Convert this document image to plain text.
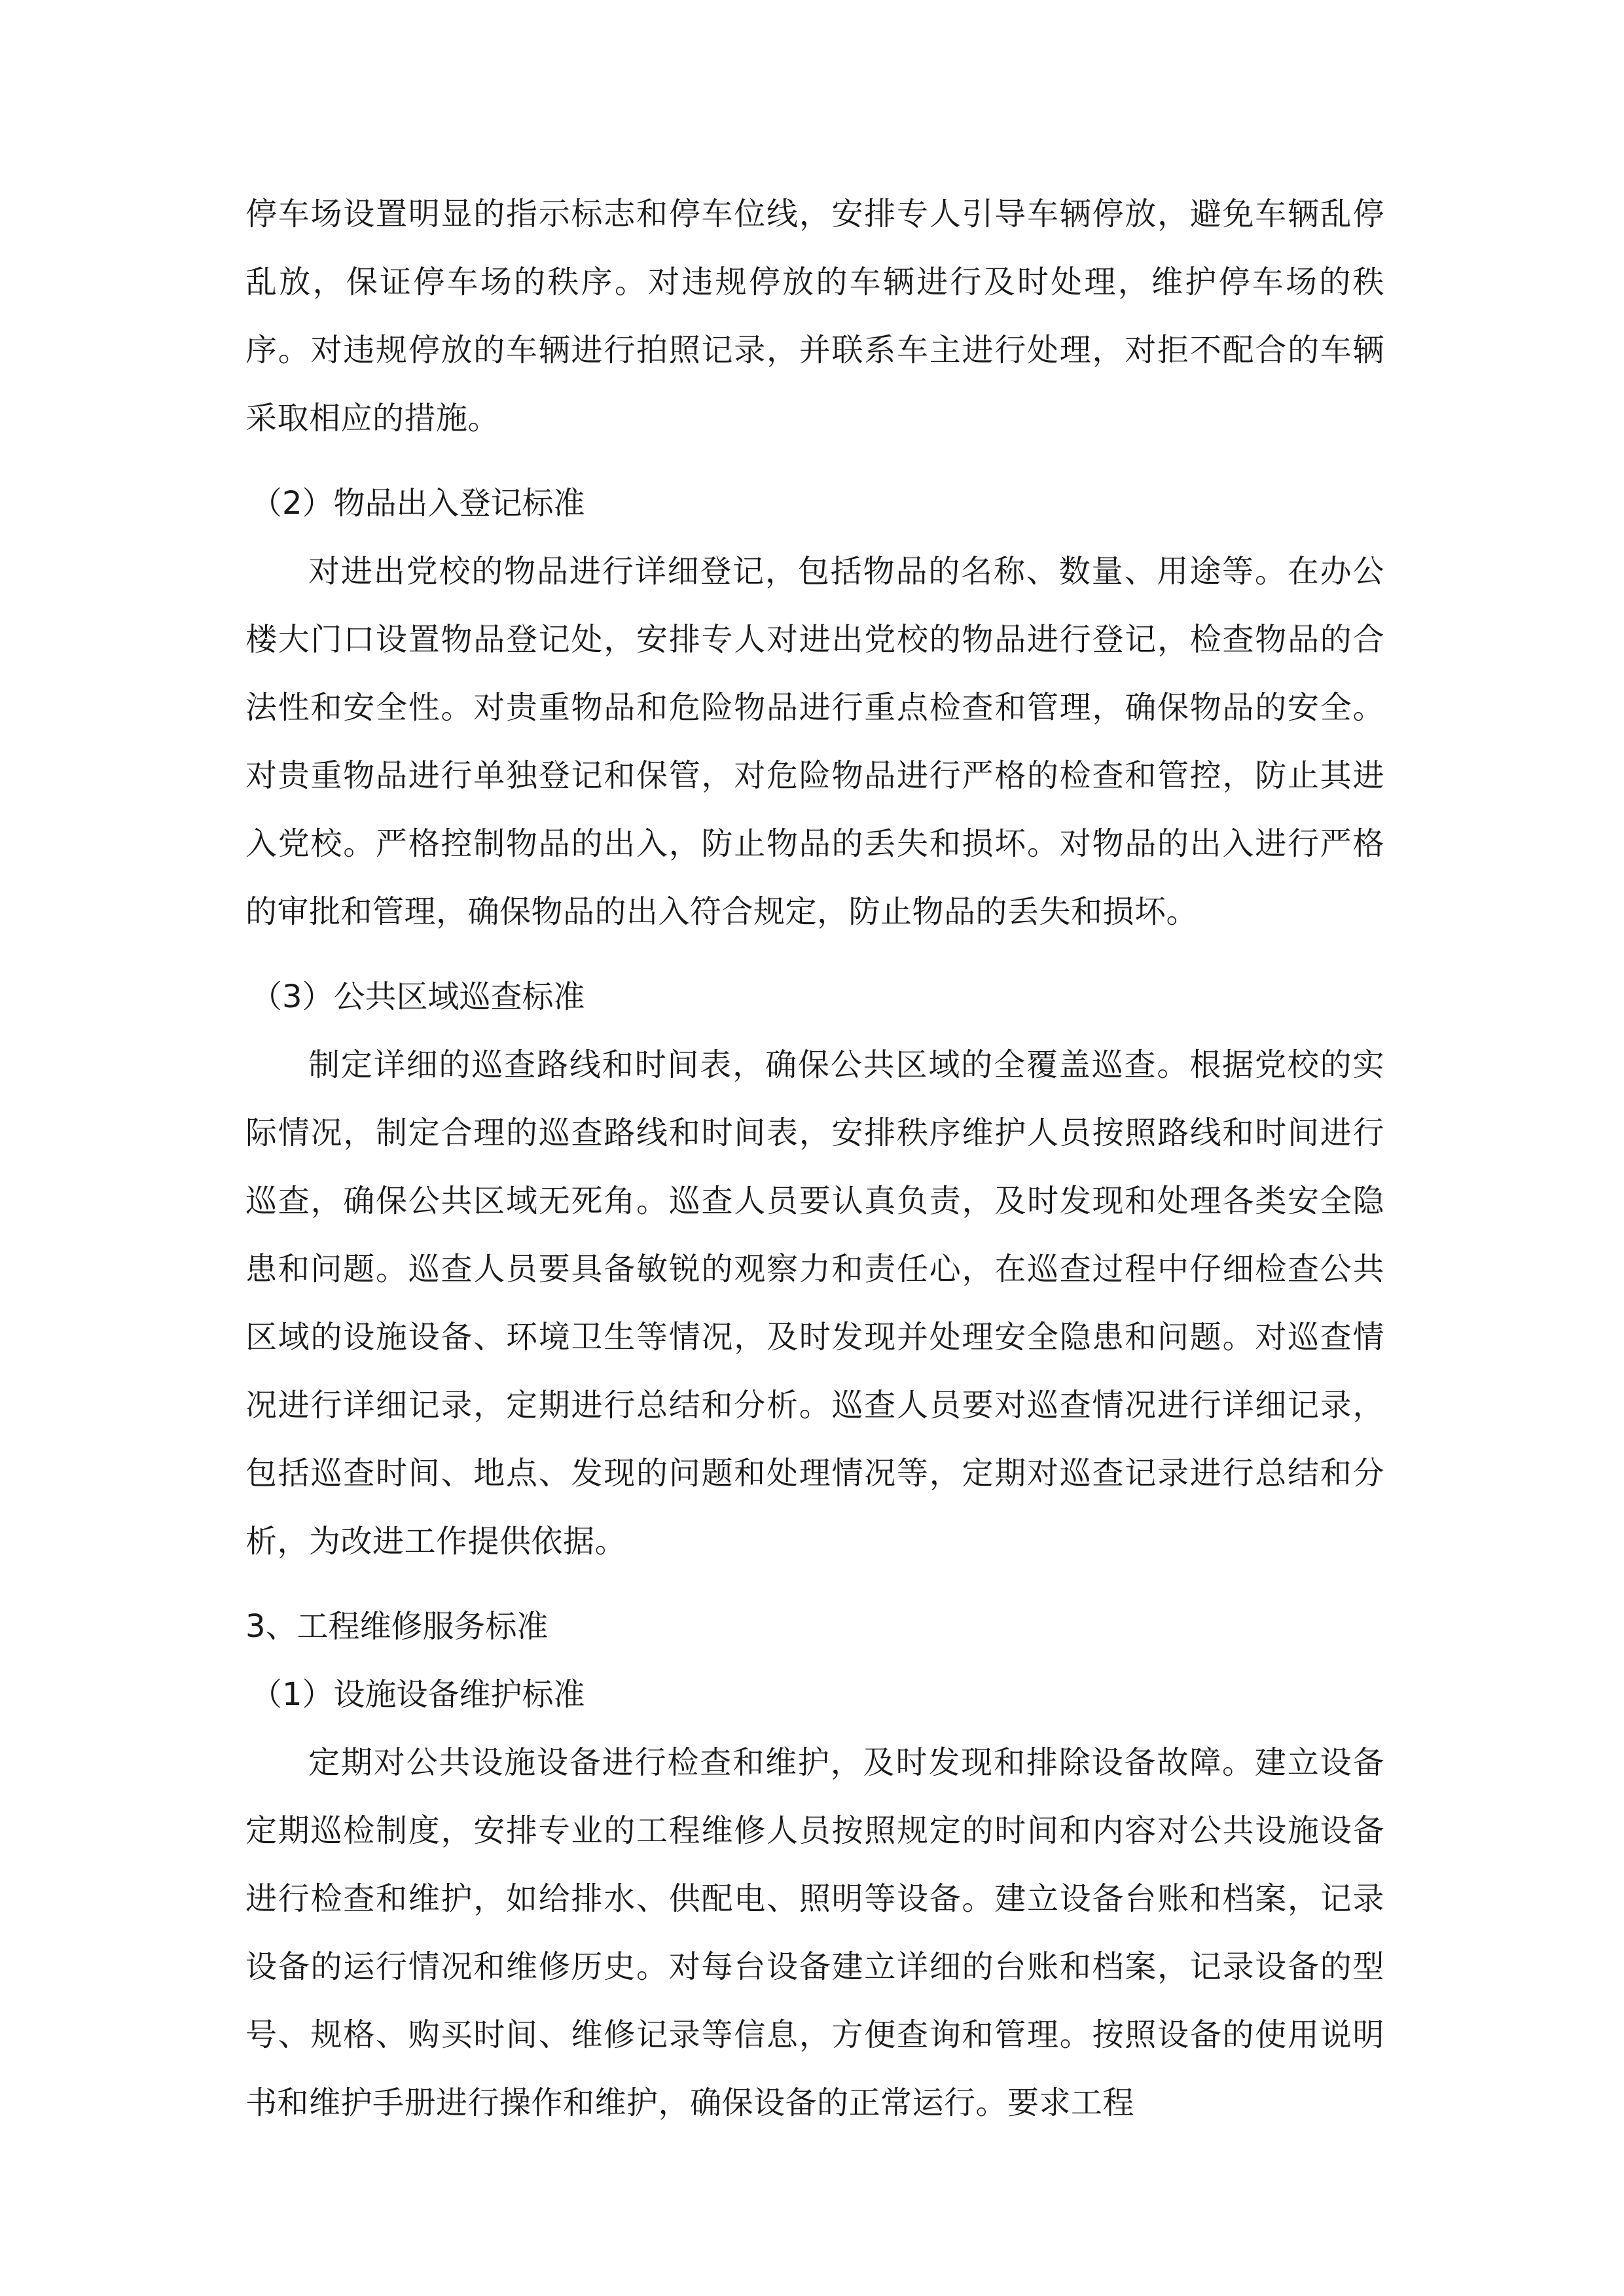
停车场设置明显的指示标志和停车位线，安排专人引导车辆停放，避免车辆乱停乱放，保证停车场的秩序。对违规停放的车辆进行及时处理，维护停车场的秩序。对违规停放的车辆进行拍照记录，并联系车主进行处理，对拒不配合的车辆采取相应的措施。

（2）物品出入登记标准

对进出党校的物品进行详细登记，包括物品的名称、数量、用途等。在办公楼大门口设置物品登记处，安排专人对进出党校的物品进行登记，检查物品的合法性和安全性。对贵重物品和危险物品进行重点检查和管理，确保物品的安全。对贵重物品进行单独登记和保管，对危险物品进行严格的检查和管控，防止其进入党校。严格控制物品的出入，防止物品的丢失和损坏。对物品的出入进行严格的审批和管理，确保物品的出入符合规定，防止物品的丢失和损坏。

（3）公共区域巡查标准

制定详细的巡查路线和时间表，确保公共区域的全覆盖巡查。根据党校的实际情况，制定合理的巡查路线和时间表，安排秩序维护人员按照路线和时间进行巡查，确保公共区域无死角。巡查人员要认真负责，及时发现和处理各类安全隐患和问题。巡查人员要具备敏锐的观察力和责任心，在巡查过程中仔细检查公共区域的设施设备、环境卫生等情况，及时发现并处理安全隐患和问题。对巡查情况进行详细记录，定期进行总结和分析。巡查人员要对巡查情况进行详细记录，包括巡查时间、地点、发现的问题和处理情况等，定期对巡查记录进行总结和分析，为改进工作提供依据。

3、工程维修服务标准

（1）设施设备维护标准

定期对公共设施设备进行检查和维护，及时发现和排除设备故障。建立设备定期巡检制度，安排专业的工程维修人员按照规定的时间和内容对公共设施设备进行检查和维护，如给排水、供配电、照明等设备。建立设备台账和档案，记录设备的运行情况和维修历史。对每台设备建立详细的台账和档案，记录设备的型号、规格、购买时间、维修记录等信息，方便查询和管理。按照设备的使用说明书和维护手册进行操作和维护，确保设备的正常运行。要求工程
